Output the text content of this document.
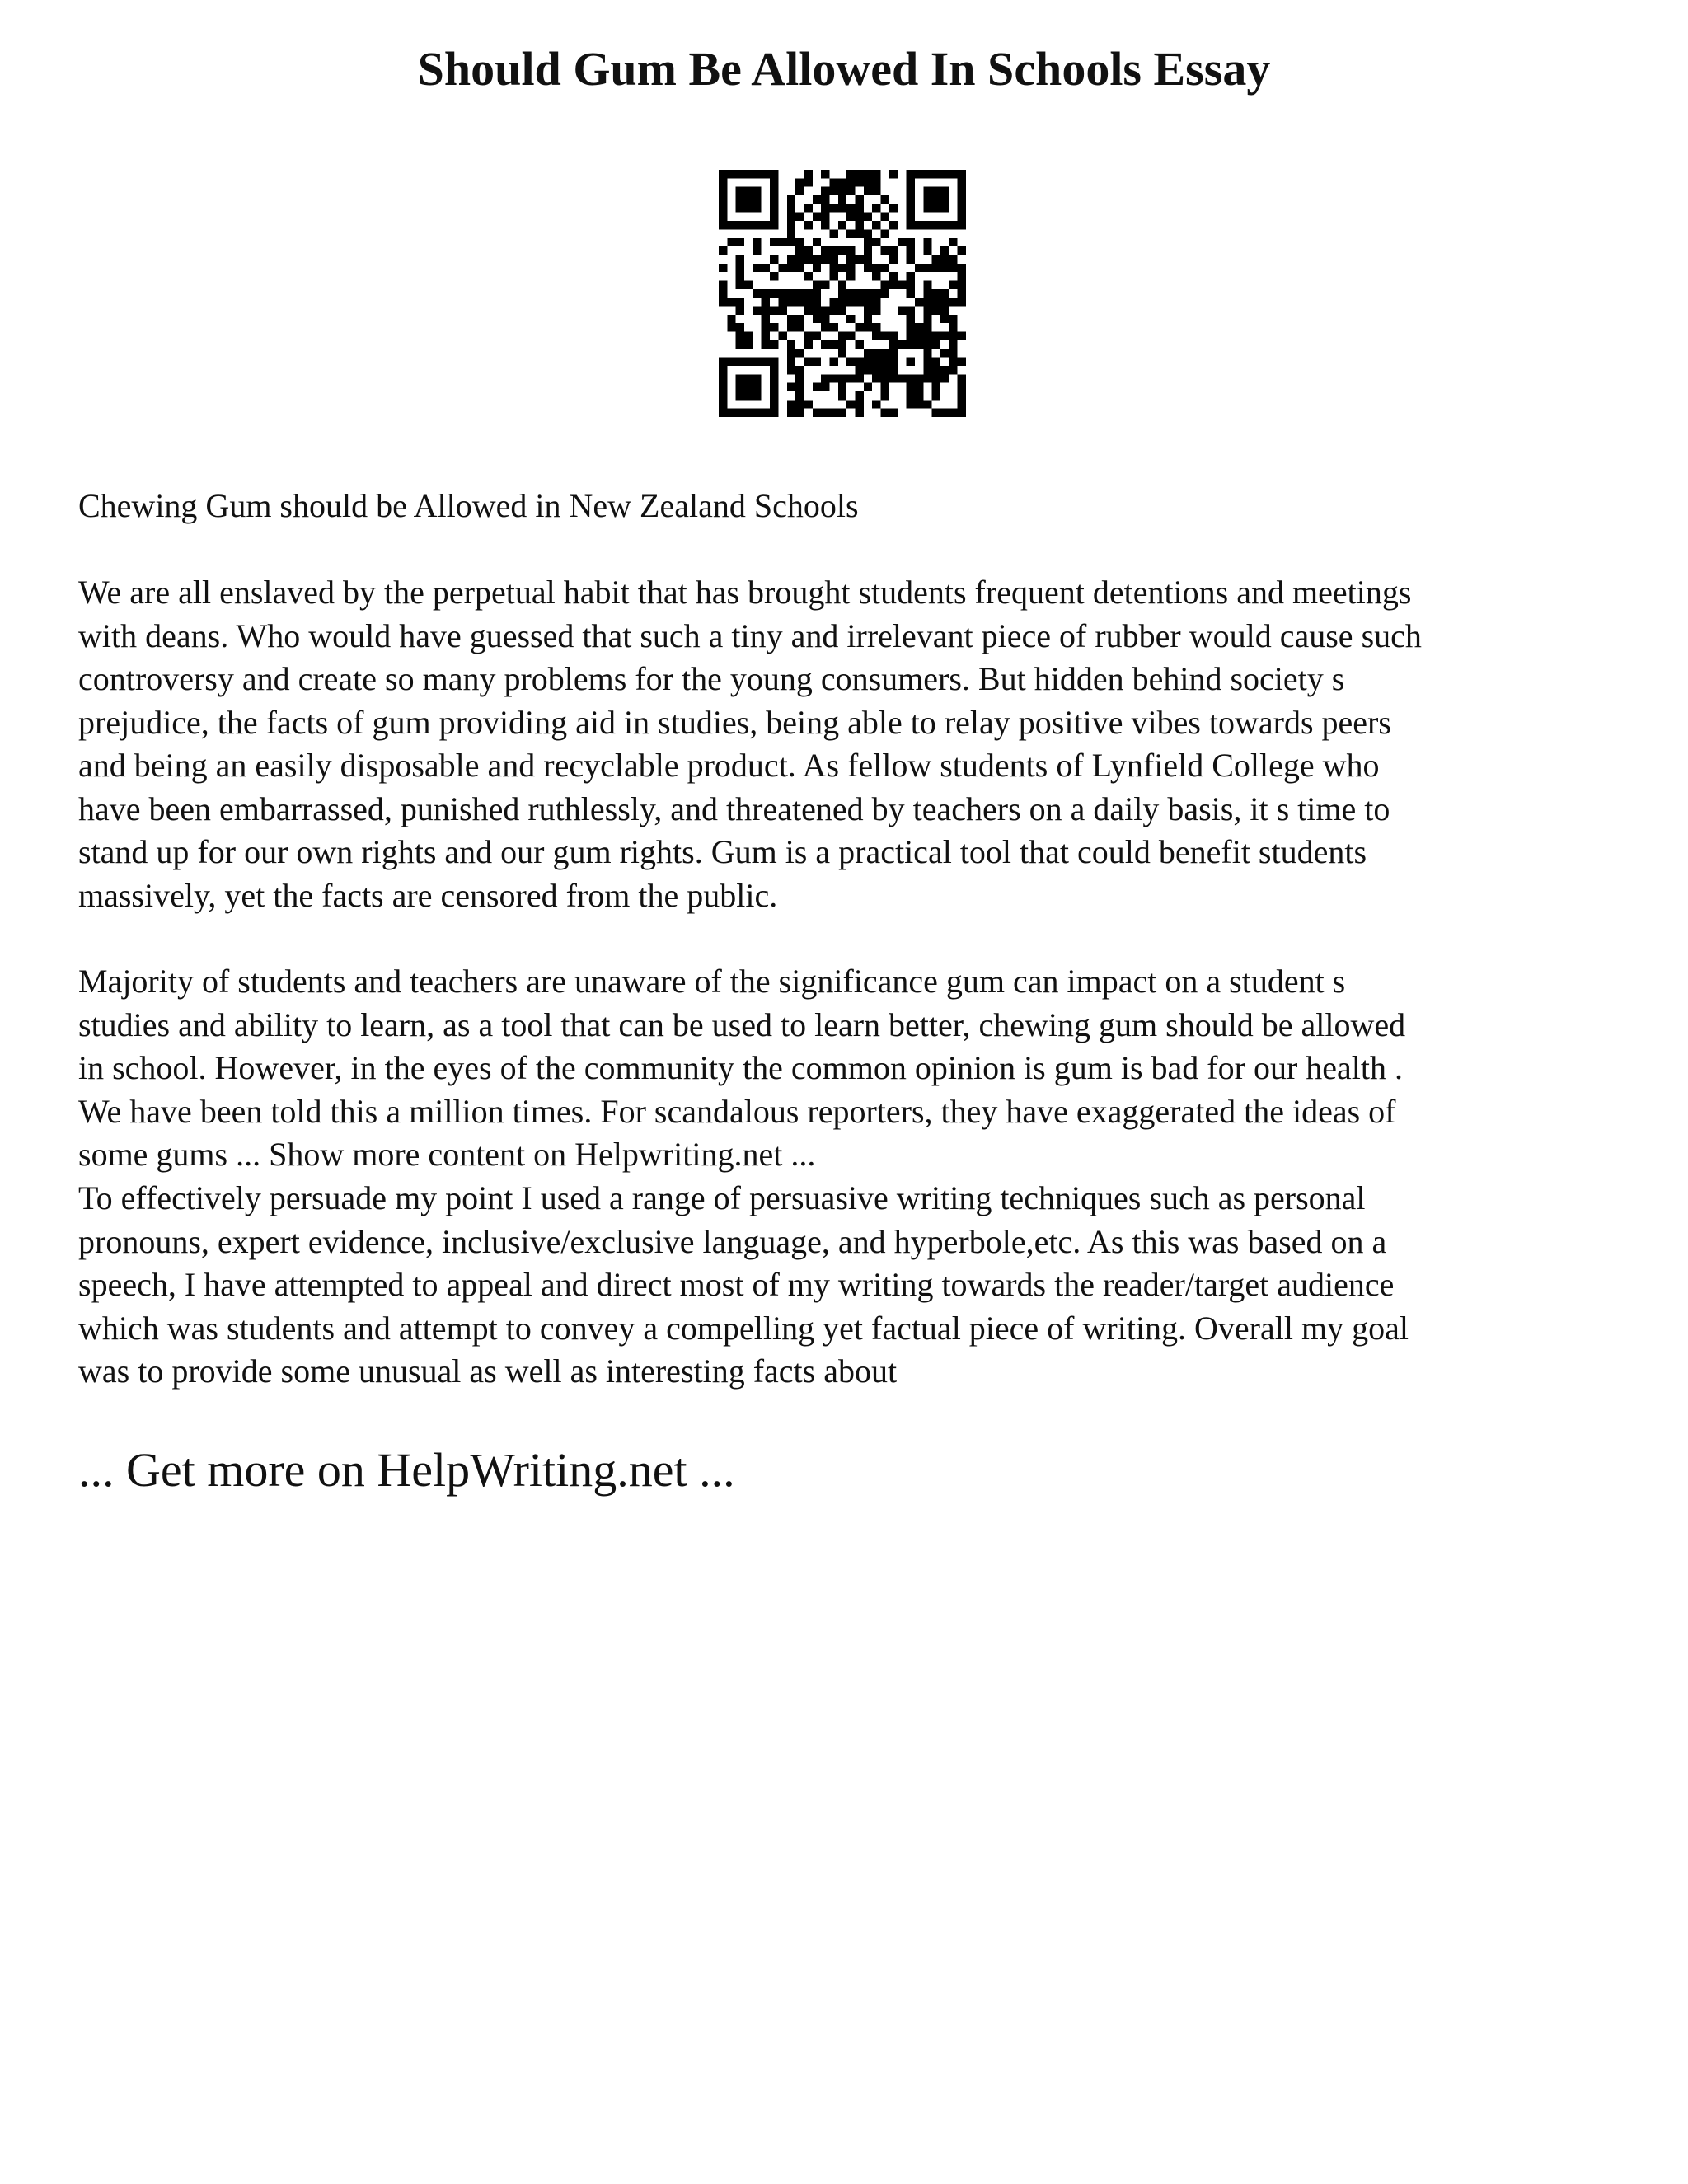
Should Gum Be Allowed In Schools Essay

Chewing Gum should be Allowed in New Zealand Schools

We are all enslaved by the perpetual habit that has brought students frequent detentions and meetings
with deans. Who would have guessed that such a tiny and irrelevant piece of rubber would cause such
controversy and create so many problems for the young consumers. But hidden behind society s
prejudice, the facts of gum providing aid in studies, being able to relay positive vibes towards peers
and being an easily disposable and recyclable product. As fellow students of Lynfield College who
have been embarrassed, punished ruthlessly, and threatened by teachers on a daily basis, it s time to
stand up for our own rights and our gum rights. Gum is a practical tool that could benefit students
massively, yet the facts are censored from the public.

Majority of students and teachers are unaware of the significance gum can impact on a student s
studies and ability to learn, as a tool that can be used to learn better, chewing gum should be allowed
in school. However, in the eyes of the community the common opinion is gum is bad for our health .
We have been told this a million times. For scandalous reporters, they have exaggerated the ideas of
some gums ... Show more content on Helpwriting.net ...

To effectively persuade my point I used a range of persuasive writing techniques such as personal
pronouns, expert evidence, inclusive/exclusive language, and hyperbole,etc. As this was based on a
speech, I have attempted to appeal and direct most of my writing towards the reader/target audience
which was students and attempt to convey a compelling yet factual piece of writing. Overall my goal
was to provide some unusual as well as interesting facts about

... Get more on HelpWriting.net ...
